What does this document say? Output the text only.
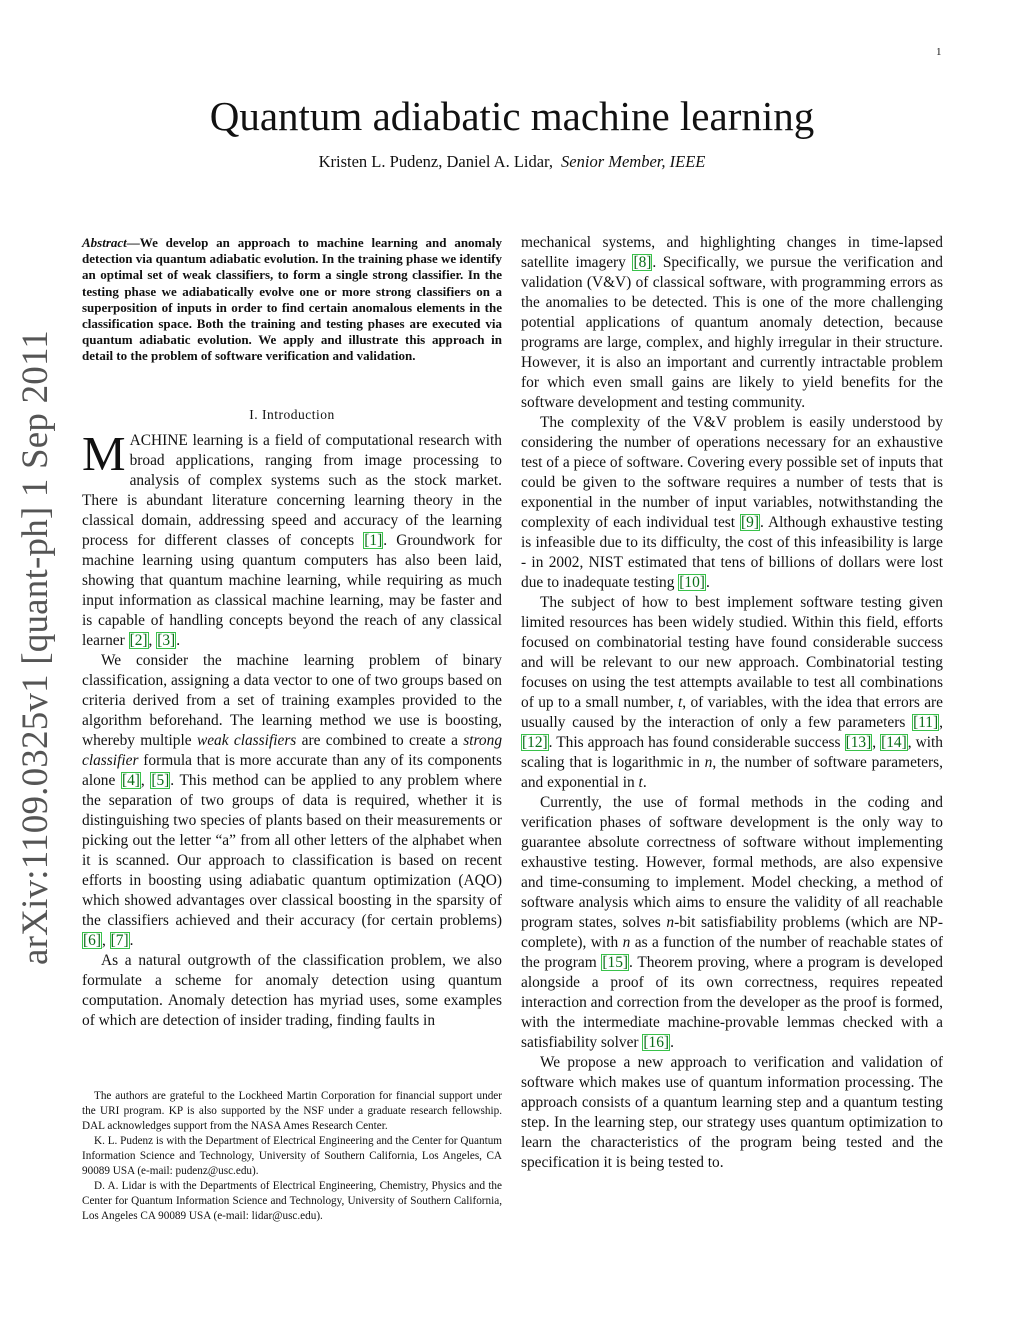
1
arXiv:1109.0325v1 [quant-ph] 1 Sep 2011
Quantum adiabatic machine learning
Kristen L. Pudenz, Daniel A. Lidar, Senior Member, IEEE

Abstract—We develop an approach to machine learning and anomaly detection via quantum adiabatic evolution. In the training phase we identify an optimal set of weak classifiers, to form a single strong classifier. In the testing phase we adiabatically evolve one or more strong classifiers on a superposition of inputs in order to find certain anomalous elements in the classification space. Both the training and testing phases are executed via quantum adiabatic evolution. We apply and illustrate this approach in detail to the problem of software verification and validation.

I. Introduction

MACHINE learning is a field of computational research with broad applications, ranging from image processing to analysis of complex systems such as the stock market. There is abundant literature concerning learning theory in the classical domain, addressing speed and accuracy of the learning process for different classes of concepts [1]. Groundwork for machine learning using quantum computers has also been laid, showing that quantum machine learning, while requiring as much input information as classical machine learning, may be faster and is capable of handling concepts beyond the reach of any classical learner [2], [3].

We consider the machine learning problem of binary classification, assigning a data vector to one of two groups based on criteria derived from a set of training examples provided to the algorithm beforehand. The learning method we use is boosting, whereby multiple weak classifiers are combined to create a strong classifier formula that is more accurate than any of its components alone [4], [5]. This method can be applied to any problem where the separation of two groups of data is required, whether it is distinguishing two species of plants based on their measurements or picking out the letter “a” from all other letters of the alphabet when it is scanned. Our approach to classification is based on recent efforts in boosting using adiabatic quantum optimization (AQO) which showed advantages over classical boosting in the sparsity of the classifiers achieved and their accuracy (for certain problems) [6], [7].

As a natural outgrowth of the classification problem, we also formulate a scheme for anomaly detection using quantum computation. Anomaly detection has myriad uses, some examples of which are detection of insider trading, finding faults in

The authors are grateful to the Lockheed Martin Corporation for financial support under the URI program. KP is also supported by the NSF under a graduate research fellowship. DAL acknowledges support from the NASA Ames Research Center.

K. L. Pudenz is with the Department of Electrical Engineering and the Center for Quantum Information Science and Technology, University of Southern California, Los Angeles, CA 90089 USA (e-mail: pudenz@usc.edu).

D. A. Lidar is with the Departments of Electrical Engineering, Chemistry, Physics and the Center for Quantum Information Science and Technology, University of Southern California, Los Angeles CA 90089 USA (e-mail: lidar@usc.edu).

mechanical systems, and highlighting changes in time-lapsed satellite imagery [8]. Specifically, we pursue the verification and validation (V&V) of classical software, with programming errors as the anomalies to be detected. This is one of the more challenging potential applications of quantum anomaly detection, because programs are large, complex, and highly irregular in their structure. However, it is also an important and currently intractable problem for which even small gains are likely to yield benefits for the software development and testing community.

The complexity of the V&V problem is easily understood by considering the number of operations necessary for an exhaustive test of a piece of software. Covering every possible set of inputs that could be given to the software requires a number of tests that is exponential in the number of input variables, notwithstanding the complexity of each individual test [9]. Although exhaustive testing is infeasible due to its difficulty, the cost of this infeasibility is large - in 2002, NIST estimated that tens of billions of dollars were lost due to inadequate testing [10].

The subject of how to best implement software testing given limited resources has been widely studied. Within this field, efforts focused on combinatorial testing have found considerable success and will be relevant to our new approach. Combinatorial testing focuses on using the test attempts available to test all combinations of up to a small number, t, of variables, with the idea that errors are usually caused by the interaction of only a few parameters [11], [12]. This approach has found considerable success [13], [14], with scaling that is logarithmic in n, the number of software parameters, and exponential in t.

Currently, the use of formal methods in the coding and verification phases of software development is the only way to guarantee absolute correctness of software without implementing exhaustive testing. However, formal methods, are also expensive and time-consuming to implement. Model checking, a method of software analysis which aims to ensure the validity of all reachable program states, solves n-bit satisfiability problems (which are NP-complete), with n as a function of the number of reachable states of the program [15]. Theorem proving, where a program is developed alongside a proof of its own correctness, requires repeated interaction and correction from the developer as the proof is formed, with the intermediate machine-provable lemmas checked with a satisfiability solver [16].

We propose a new approach to verification and validation of software which makes use of quantum information processing. The approach consists of a quantum learning step and a quantum testing step. In the learning step, our strategy uses quantum optimization to learn the characteristics of the program being tested and the specification it is being tested to.
